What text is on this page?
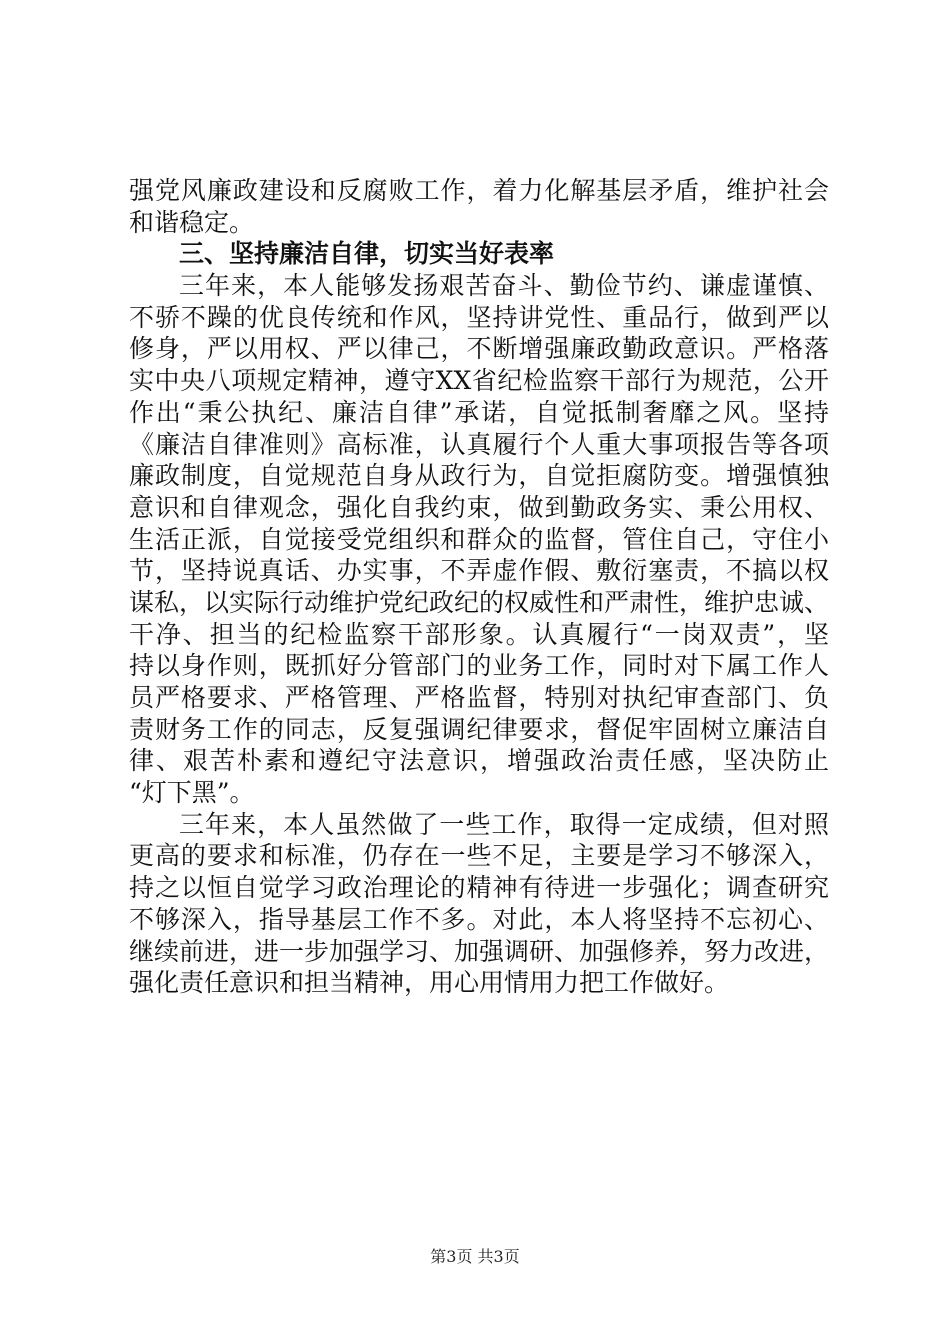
强党风廉政建设和反腐败工作，着力化解基层矛盾，维护社会
和谐稳定。
三、坚持廉洁自律，切实当好表率
三年来，本人能够发扬艰苦奋斗、勤俭节约、谦虚谨慎、
不骄不躁的优良传统和作风，坚持讲党性、重品行，做到严以
修身，严以用权、严以律己，不断增强廉政勤政意识。严格落
实中央八项规定精神，遵守XX省纪检监察干部行为规范，公开
作出“秉公执纪、廉洁自律”承诺，自觉抵制奢靡之风。坚持
《廉洁自律准则》高标准，认真履行个人重大事项报告等各项
廉政制度，自觉规范自身从政行为，自觉拒腐防变。增强慎独
意识和自律观念，强化自我约束，做到勤政务实、秉公用权、
生活正派，自觉接受党组织和群众的监督，管住自己，守住小
节，坚持说真话、办实事，不弄虚作假、敷衍塞责，不搞以权
谋私，以实际行动维护党纪政纪的权威性和严肃性，维护忠诚、
干净、担当的纪检监察干部形象。认真履行“一岗双责”，坚
持以身作则，既抓好分管部门的业务工作，同时对下属工作人
员严格要求、严格管理、严格监督，特别对执纪审查部门、负
责财务工作的同志，反复强调纪律要求，督促牢固树立廉洁自
律、艰苦朴素和遵纪守法意识，增强政治责任感，坚决防止
“灯下黑”。
三年来，本人虽然做了一些工作，取得一定成绩，但对照
更高的要求和标准，仍存在一些不足，主要是学习不够深入，
持之以恒自觉学习政治理论的精神有待进一步强化；调查研究
不够深入，指导基层工作不多。对此，本人将坚持不忘初心、
继续前进，进一步加强学习、加强调研、加强修养，努力改进，
强化责任意识和担当精神，用心用情用力把工作做好。
第3页 共3页
